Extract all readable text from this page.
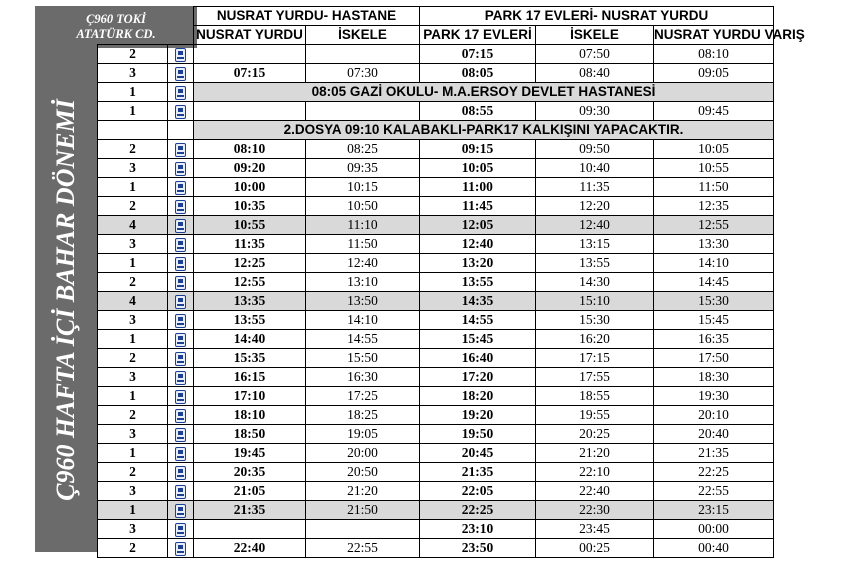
Ç960 TOKİ
ATATÜRK CD.
Ç960 HAFTA İÇİ BAHAR DÖNEMİ
		NUSRAT YURDU- HASTANE		PARK 17 EVLERİ- NUSRAT YURDU		
		NUSRAT YURDU	İSKELE	PARK 17 EVLERİ	İSKELE	NUSRAT YURDU VARIŞ
2				07:15	07:50	08:10
3		07:15	07:30	08:05	08:40	09:05
1		08:05 GAZİ OKULU- M.A.ERSOY DEVLET HASTANESİ				
1				08:55	09:30	09:45
		2.DOSYA 09:10 KALABAKLI-PARK17 KALKIŞINI YAPACAKTIR.				
2		08:10	08:25	09:15	09:50	10:05
3		09:20	09:35	10:05	10:40	10:55
1		10:00	10:15	11:00	11:35	11:50
2		10:35	10:50	11:45	12:20	12:35
4		10:55	11:10	12:05	12:40	12:55
3		11:35	11:50	12:40	13:15	13:30
1		12:25	12:40	13:20	13:55	14:10
2		12:55	13:10	13:55	14:30	14:45
4		13:35	13:50	14:35	15:10	15:30
3		13:55	14:10	14:55	15:30	15:45
1		14:40	14:55	15:45	16:20	16:35
2		15:35	15:50	16:40	17:15	17:50
3		16:15	16:30	17:20	17:55	18:30
1		17:10	17:25	18:20	18:55	19:30
2		18:10	18:25	19:20	19:55	20:10
3		18:50	19:05	19:50	20:25	20:40
1		19:45	20:00	20:45	21:20	21:35
2		20:35	20:50	21:35	22:10	22:25
3		21:05	21:20	22:05	22:40	22:55
1		21:35	21:50	22:25	22:30	23:15
3				23:10	23:45	00:00
2		22:40	22:55	23:50	00:25	00:40
